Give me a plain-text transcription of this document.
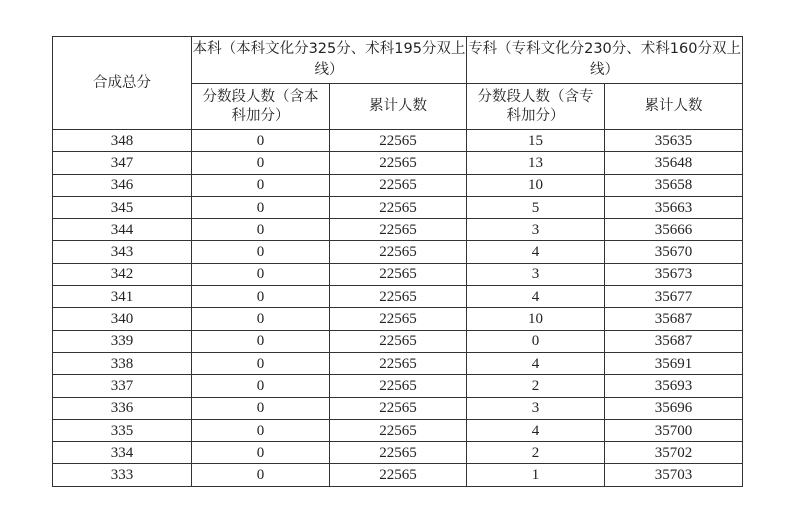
合成总分	本科（本科文化分325分、术科195分双上线）		专科（专科文化分230分、术科160分双上线）	
	分数段人数（含本科加分）	累计人数	分数段人数（含专科加分）	累计人数
348	0	22565	15	35635
347	0	22565	13	35648
346	0	22565	10	35658
345	0	22565	5	35663
344	0	22565	3	35666
343	0	22565	4	35670
342	0	22565	3	35673
341	0	22565	4	35677
340	0	22565	10	35687
339	0	22565	0	35687
338	0	22565	4	35691
337	0	22565	2	35693
336	0	22565	3	35696
335	0	22565	4	35700
334	0	22565	2	35702
333	0	22565	1	35703
